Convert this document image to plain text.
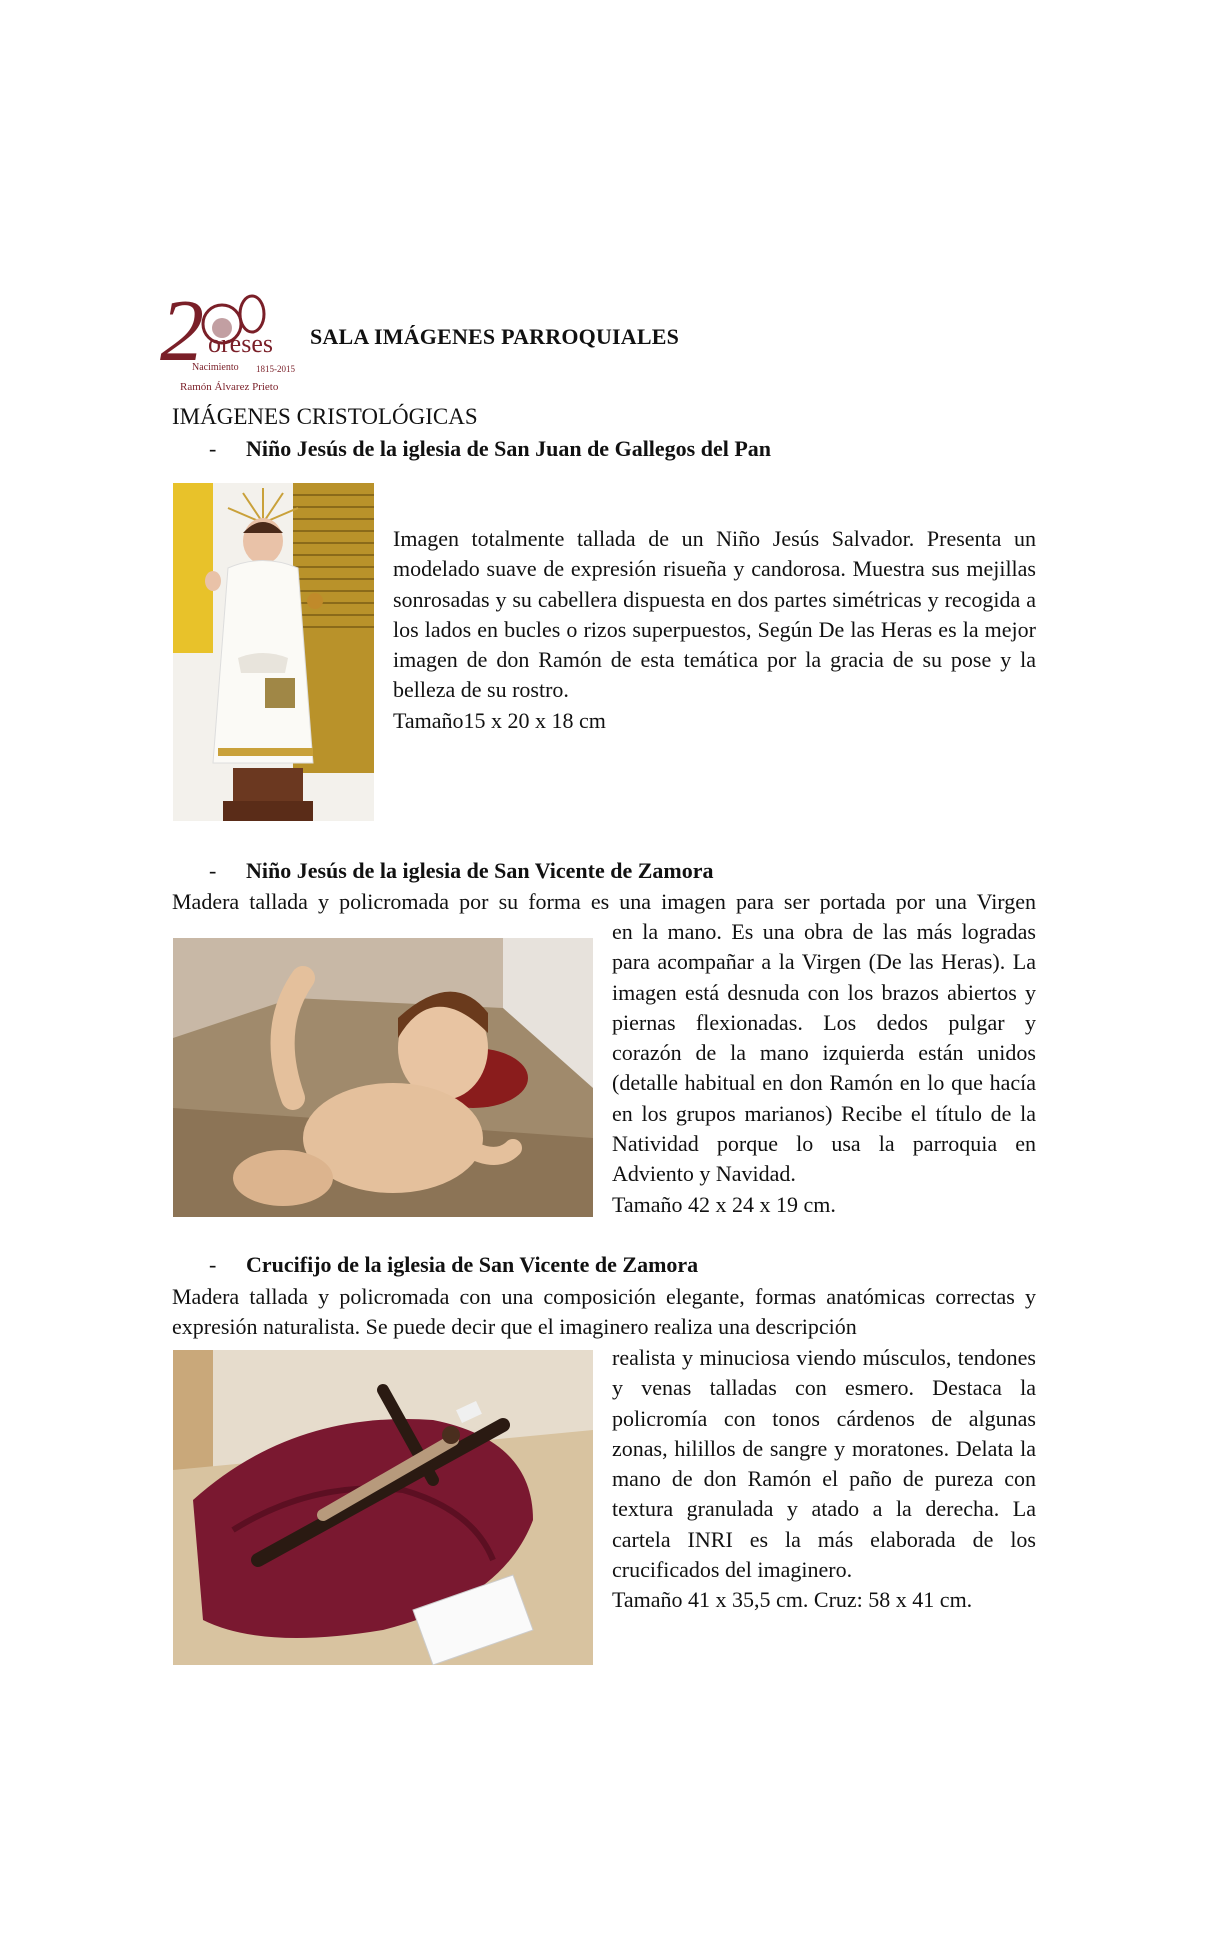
2 oreses
Nacimiento 1815-2015
Ramón Álvarez Prieto
SALA IMÁGENES PARROQUIALES
IMÁGENES CRISTOLÓGICAS
- Niño Jesús de la iglesia de San Juan de Gallegos del Pan
Imagen totalmente tallada de un Niño Jesús Salvador. Presenta un modelado suave de expresión risueña y candorosa. Muestra sus mejillas sonrosadas y su cabellera dispuesta en dos partes simétricas y recogida a los lados en bucles o rizos superpuestos, Según De las Heras es la mejor imagen de don Ramón de esta temática por la gracia de su pose y la belleza de su rostro.
Tamaño15 x 20 x 18 cm
- Niño Jesús de la iglesia de San Vicente de Zamora
Madera tallada y policromada por su forma es una imagen para ser portada por una Virgen
en la mano. Es una obra de las más logradas para acompañar a la Virgen (De las Heras). La imagen está desnuda con los brazos abiertos y piernas flexionadas. Los dedos pulgar y corazón de la mano izquierda están unidos (detalle habitual en don Ramón en lo que hacía en los grupos marianos) Recibe el título de la Natividad porque lo usa la parroquia en Adviento y Navidad.
Tamaño 42 x 24 x 19 cm.
- Crucifijo de la iglesia de San Vicente de Zamora
Madera tallada y policromada con una composición elegante, formas anatómicas correctas y expresión naturalista. Se puede decir que el imaginero realiza una descripción
realista y minuciosa viendo músculos, tendones y venas talladas con esmero. Destaca la policromía con tonos cárdenos de algunas zonas, hilillos de sangre y moratones. Delata la mano de don Ramón el paño de pureza con textura granulada y atado a la derecha. La cartela INRI es la más elaborada de los crucificados del imaginero.
Tamaño 41 x 35,5 cm. Cruz: 58 x 41 cm.
